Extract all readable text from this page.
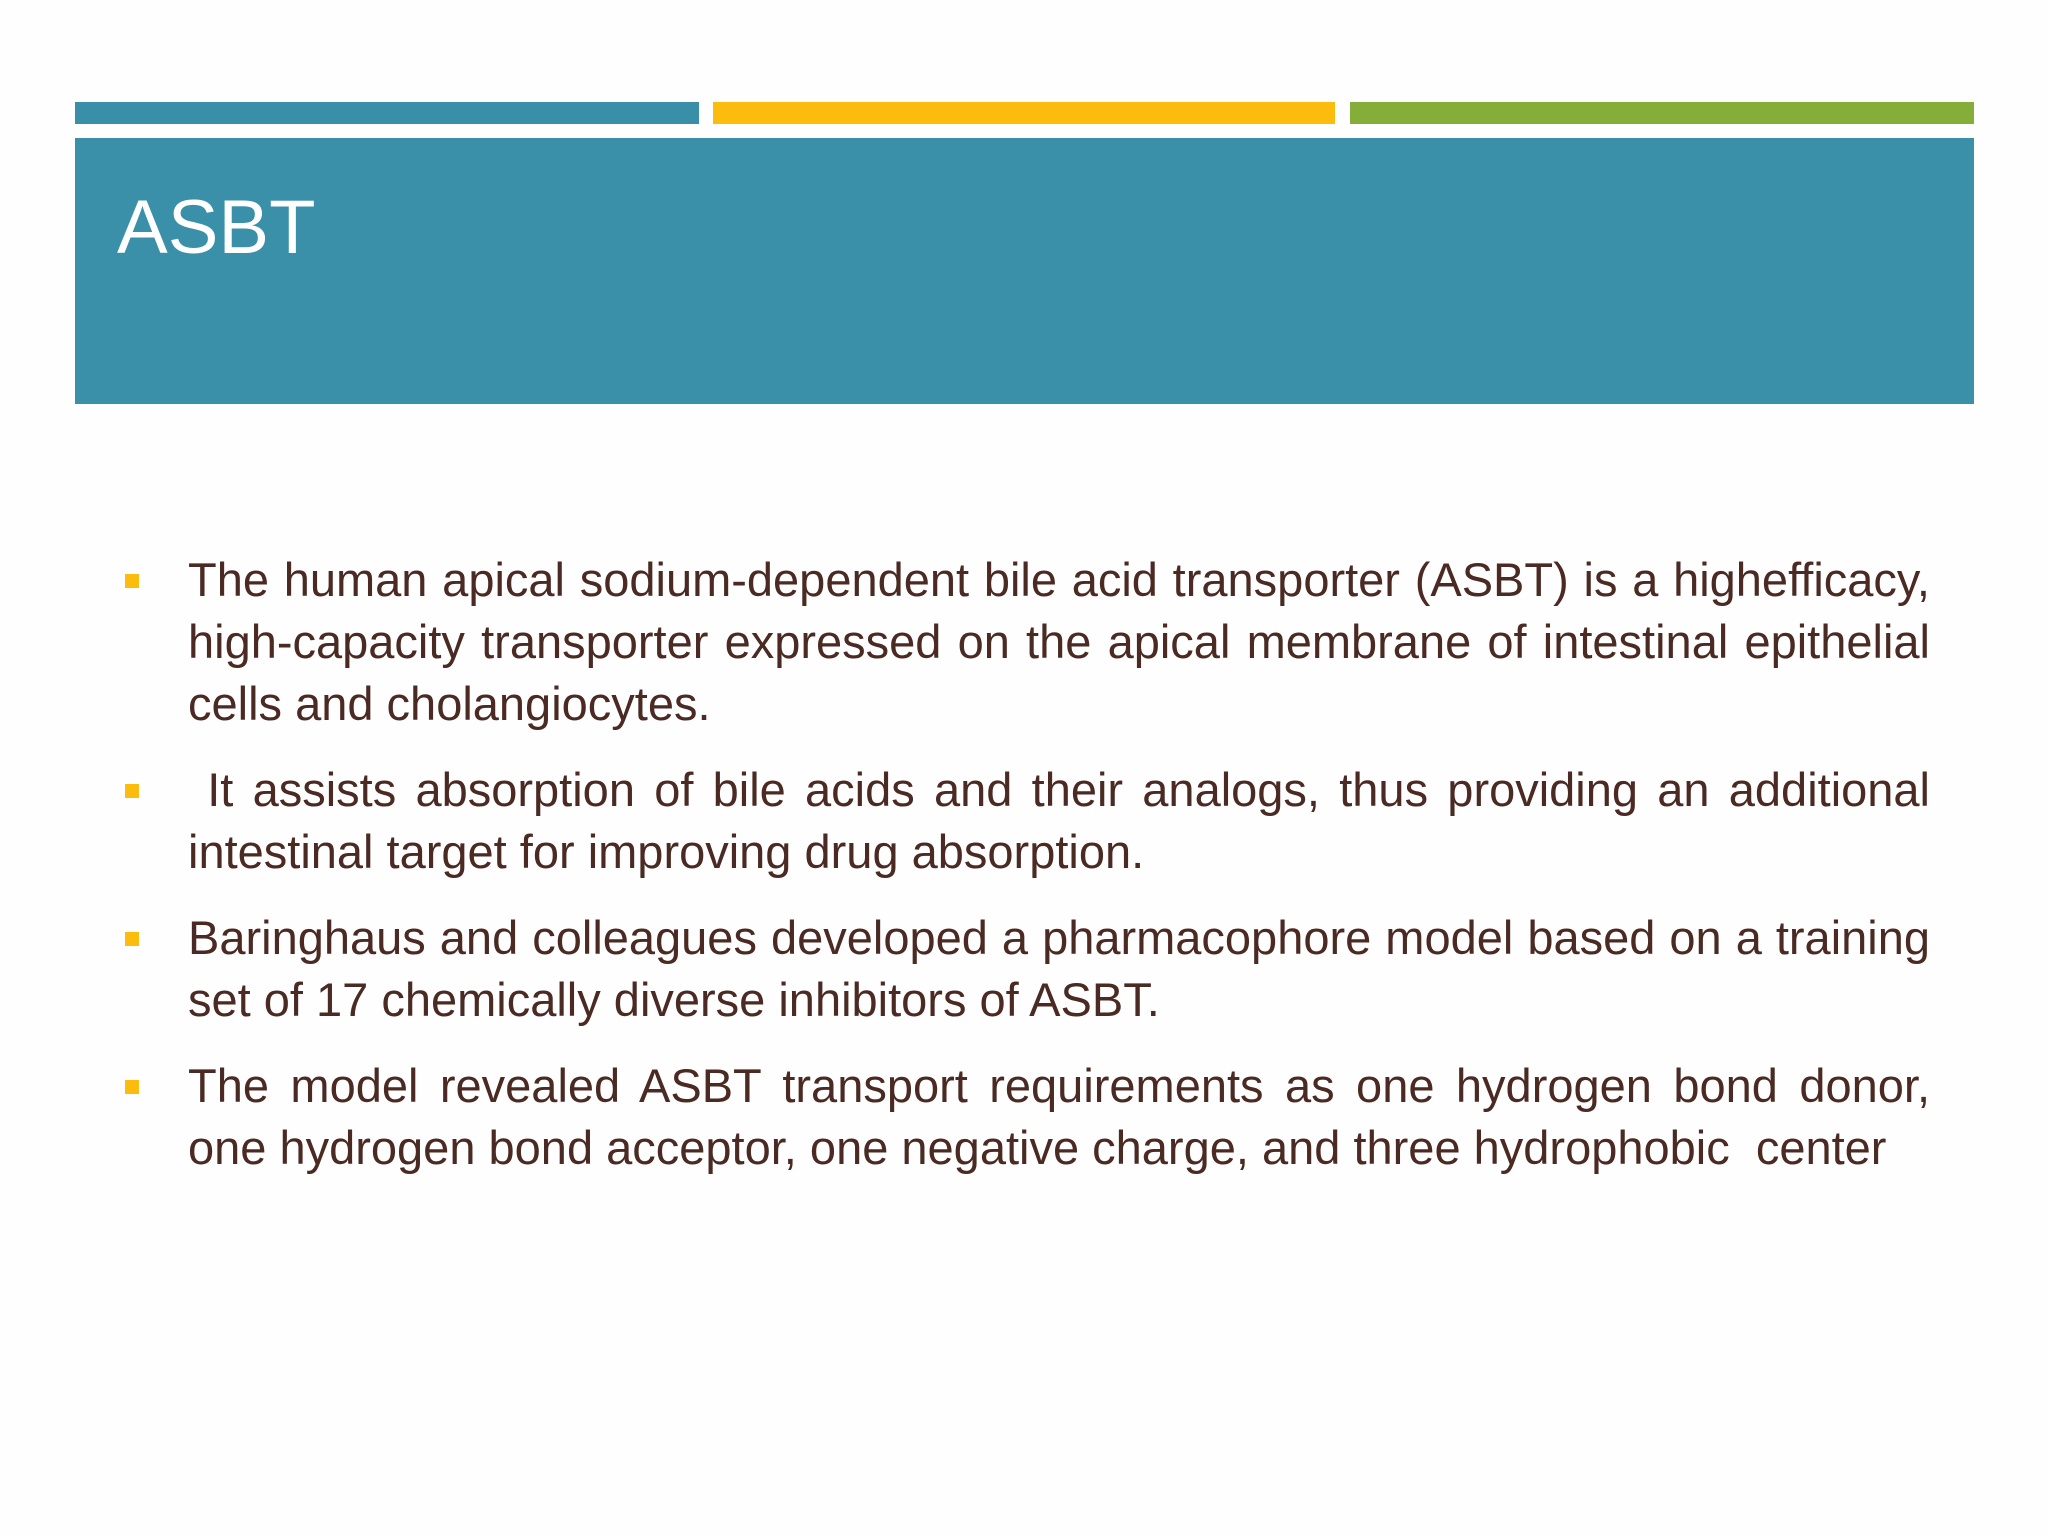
ASBT
The human apical sodium-dependent bile acid transporter (ASBT) is a highefficacy, high-capacity transporter expressed on the apical membrane of intestinal epithelial cells and cholangiocytes.
It assists absorption of bile acids and their analogs, thus providing an additional intestinal target for improving drug absorption.
Baringhaus and colleagues developed a pharmacophore model based on a training set of 17 chemically diverse inhibitors of ASBT.
The model revealed ASBT transport requirements as one hydrogen bond donor,  one hydrogen bond acceptor, one negative charge, and three hydrophobic  center
